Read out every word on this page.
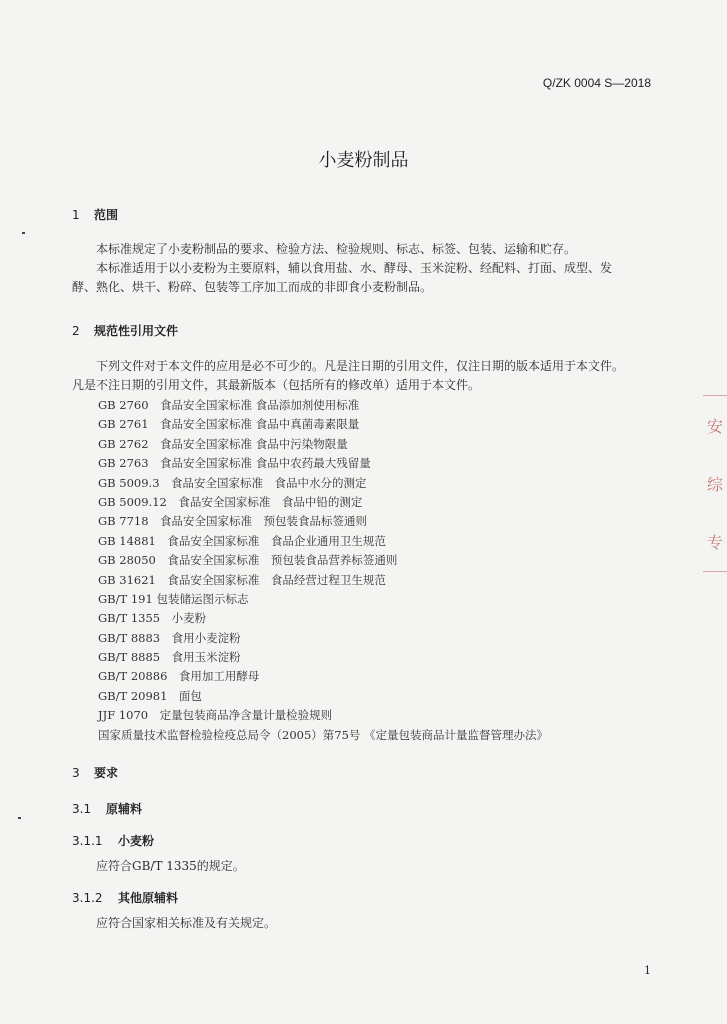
Q/ZK 0004 S—2018
小麦粉制品
1 范围
本标准规定了小麦粉制品的要求、检验方法、检验规则、标志、标签、包装、运输和贮存。
本标准适用于以小麦粉为主要原料，辅以食用盐、水、酵母、玉米淀粉、经配料、打面、成型、发
酵、熟化、烘干、粉碎、包装等工序加工而成的非即食小麦粉制品。
2 规范性引用文件
下列文件对于本文件的应用是必不可少的。凡是注日期的引用文件，仅注日期的版本适用于本文件。
凡是不注日期的引用文件，其最新版本（包括所有的修改单）适用于本文件。
GB 2760　食品安全国家标准 食品添加剂使用标准
GB 2761　食品安全国家标准 食品中真菌毒素限量
GB 2762　食品安全国家标准 食品中污染物限量
GB 2763　食品安全国家标准 食品中农药最大残留量
GB 5009.3　食品安全国家标准　食品中水分的测定
GB 5009.12　食品安全国家标准　食品中铅的测定
GB 7718　食品安全国家标准　预包装食品标签通则
GB 14881　食品安全国家标准　食品企业通用卫生规范
GB 28050　食品安全国家标准　预包装食品营养标签通则
GB 31621　食品安全国家标准　食品经营过程卫生规范
GB/T 191 包装储运图示标志
GB/T 1355　小麦粉
GB/T 8883　食用小麦淀粉
GB/T 8885　食用玉米淀粉
GB/T 20886　食用加工用酵母
GB/T 20981　面包
JJF 1070　定量包装商品净含量计量检验规则
国家质量技术监督检验检疫总局令（2005）第75号 《定量包装商品计量监督管理办法》
3 要求
3.1 原辅料
3.1.1 小麦粉
应符合GB/T 1335的规定。
3.1.2 其他原辅料
应符合国家相关标准及有关规定。
1
安
综
专
